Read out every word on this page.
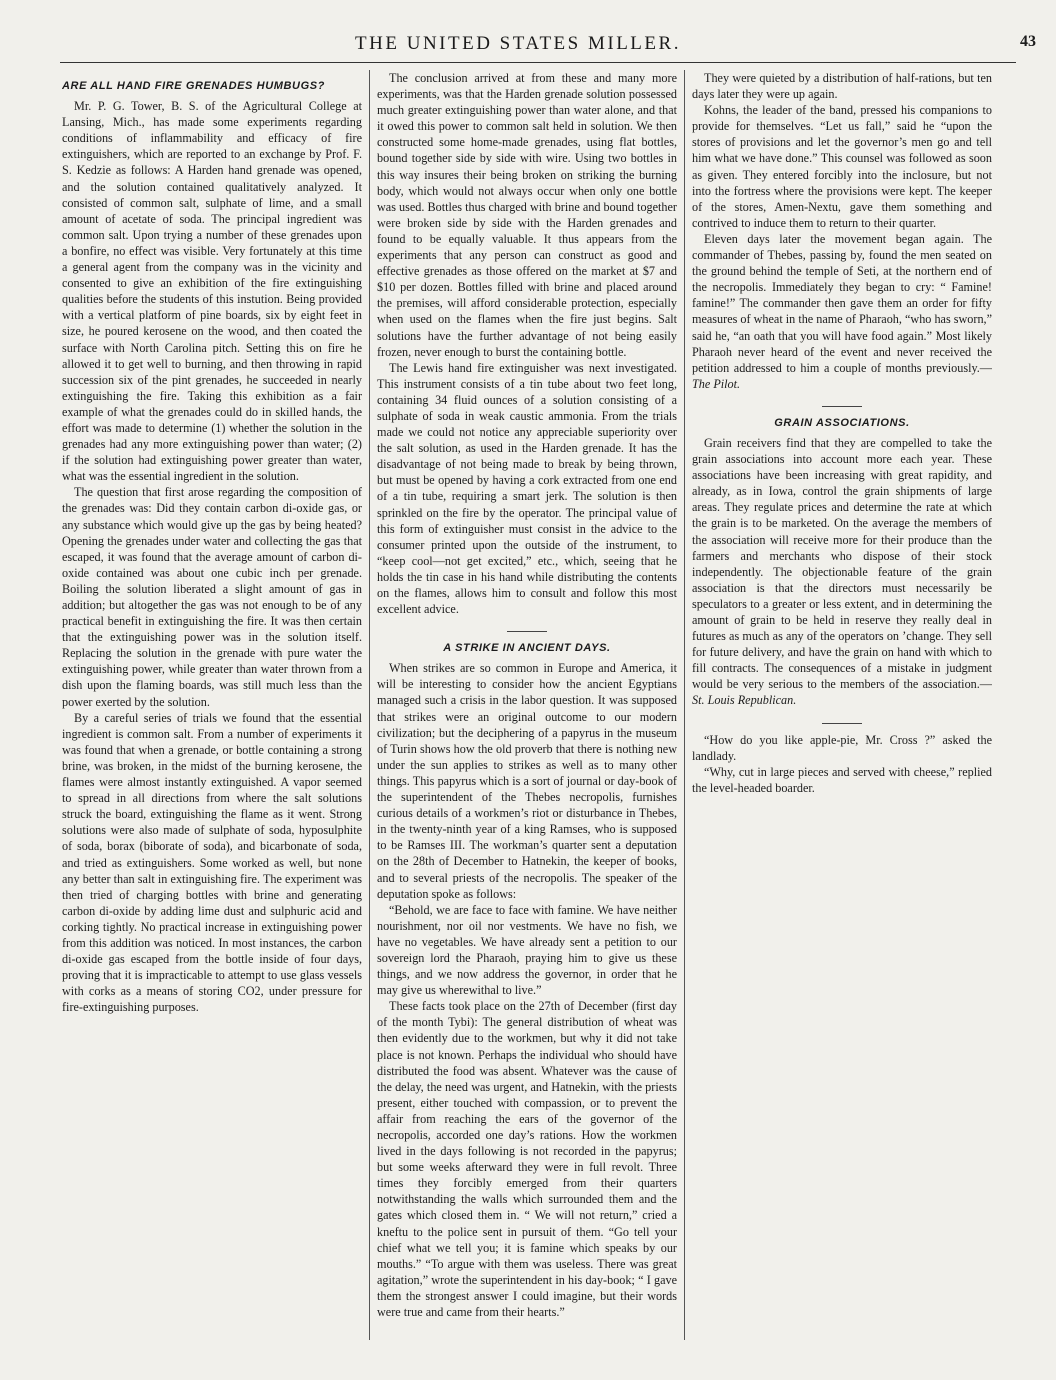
THE UNITED STATES MILLER.	43
ARE ALL HAND FIRE GRENADES HUMBUGS?

Mr. P. G. Tower, B. S. of the Agricultural College at Lansing, Mich., has made some experiments regarding conditions of inflammability and efficacy of fire extinguishers, which are reported to an exchange by Prof. F. S. Kedzie as follows: A Harden hand grenade was opened, and the solution contained qualitatively analyzed. It consisted of common salt, sulphate of lime, and a small amount of acetate of soda. The principal ingredient was common salt. Upon trying a number of these grenades upon a bonfire, no effect was visible. Very fortunately at this time a general agent from the company was in the vicinity and consented to give an exhibition of the fire extinguishing qualities before the students of this instution. Being provided with a vertical platform of pine boards, six by eight feet in size, he poured kerosene on the wood, and then coated the surface with North Carolina pitch. Setting this on fire he allowed it to get well to burning, and then throwing in rapid succession six of the pint grenades, he succeeded in nearly extinguishing the fire. Taking this exhibition as a fair example of what the grenades could do in skilled hands, the effort was made to determine (1) whether the solution in the grenades had any more extinguishing power than water; (2) if the solution had extinguishing power greater than water, what was the essential ingredient in the solution.

The question that first arose regarding the composition of the grenades was: Did they contain carbon di-oxide gas, or any substance which would give up the gas by being heated? Opening the grenades under water and collecting the gas that escaped, it was found that the average amount of carbon di-oxide contained was about one cubic inch per grenade. Boiling the solution liberated a slight amount of gas in addition; but altogether the gas was not enough to be of any practical benefit in extinguishing the fire. It was then certain that the extinguishing power was in the solution itself. Replacing the solution in the grenade with pure water the extinguishing power, while greater than water thrown from a dish upon the flaming boards, was still much less than the power exerted by the solution.

By a careful series of trials we found that the essential ingredient is common salt. From a number of experiments it was found that when a grenade, or bottle containing a strong brine, was broken, in the midst of the burning kerosene, the flames were almost instantly extinguished. A vapor seemed to spread in all directions from where the salt solutions struck the board, extinguishing the flame as it went. Strong solutions were also made of sulphate of soda, hyposulphite of soda, borax (biborate of soda), and bicarbonate of soda, and tried as extinguishers. Some worked as well, but none any better than salt in extinguishing fire. The experiment was then tried of charging bottles with brine and generating carbon di-oxide by adding lime dust and sulphuric acid and corking tightly. No practical increase in extinguishing power from this addition was noticed. In most instances, the carbon di-oxide gas escaped from the bottle inside of four days, proving that it is impracticable to attempt to use glass vessels with corks as a means of storing CO2, under pressure for fire-extinguishing purposes.

The conclusion arrived at from these and many more experiments, was that the Harden grenade solution possessed much greater extinguishing power than water alone, and that it owed this power to common salt held in solution. We then constructed some home-made grenades, using flat bottles, bound together side by side with wire. Using two bottles in this way insures their being broken on striking the burning body, which would not always occur when only one bottle was used. Bottles thus charged with brine and bound together were broken side by side with the Harden grenades and found to be equally valuable. It thus appears from the experiments that any person can construct as good and effective grenades as those offered on the market at $7 and $10 per dozen. Bottles filled with brine and placed around the premises, will afford considerable protection, especially when used on the flames when the fire just begins. Salt solutions have the further advantage of not being easily frozen, never enough to burst the containing bottle.

The Lewis hand fire extinguisher was next investigated. This instrument consists of a tin tube about two feet long, containing 34 fluid ounces of a solution consisting of a sulphate of soda in weak caustic ammonia. From the trials made we could not notice any appreciable superiority over the salt solution, as used in the Harden grenade. It has the disadvantage of not being made to break by being thrown, but must be opened by having a cork extracted from one end of a tin tube, requiring a smart jerk. The solution is then sprinkled on the fire by the operator. The principal value of this form of extinguisher must consist in the advice to the consumer printed upon the outside of the instrument, to “keep cool—not get excited,” etc., which, seeing that he holds the tin case in his hand while distributing the contents on the flames, allows him to consult and follow this most excellent advice.

A STRIKE IN ANCIENT DAYS.

When strikes are so common in Europe and America, it will be interesting to consider how the ancient Egyptians managed such a crisis in the labor question. It was supposed that strikes were an original outcome to our modern civilization; but the deciphering of a papyrus in the museum of Turin shows how the old proverb that there is nothing new under the sun applies to strikes as well as to many other things. This papyrus which is a sort of journal or day-book of the superintendent of the Thebes necropolis, furnishes curious details of a workmen’s riot or disturbance in Thebes, in the twenty-ninth year of a king Ramses, who is supposed to be Ramses III. The workman’s quarter sent a deputation on the 28th of December to Hatnekin, the keeper of books, and to several priests of the necropolis. The speaker of the deputation spoke as follows:

“Behold, we are face to face with famine. We have neither nourishment, nor oil nor vestments. We have no fish, we have no vegetables. We have already sent a petition to our sovereign lord the Pharaoh, praying him to give us these things, and we now address the governor, in order that he may give us wherewithal to live.”

These facts took place on the 27th of December (first day of the month Tybi): The general distribution of wheat was then evidently due to the workmen, but why it did not take place is not known. Perhaps the individual who should have distributed the food was absent. Whatever was the cause of the delay, the need was urgent, and Hatnekin, with the priests present, either touched with compassion, or to prevent the affair from reaching the ears of the governor of the necropolis, accorded one day’s rations. How the workmen lived in the days following is not recorded in the papyrus; but some weeks afterward they were in full revolt. Three times they forcibly emerged from their quarters notwithstanding the walls which surrounded them and the gates which closed them in. “ We will not return,” cried a kneftu to the police sent in pursuit of them. “Go tell your chief what we tell you; it is famine which speaks by our mouths.” “To argue with them was useless. There was great agitation,” wrote the superintendent in his day-book; “ I gave them the strongest answer I could imagine, but their words were true and came from their hearts.”

They were quieted by a distribution of half-rations, but ten days later they were up again.

Kohns, the leader of the band, pressed his companions to provide for themselves. “Let us fall,” said he “upon the stores of provisions and let the governor’s men go and tell him what we have done.” This counsel was followed as soon as given. They entered forcibly into the inclosure, but not into the fortress where the provisions were kept. The keeper of the stores, Amen-Nextu, gave them something and contrived to induce them to return to their quarter.

Eleven days later the movement began again. The commander of Thebes, passing by, found the men seated on the ground behind the temple of Seti, at the northern end of the necropolis. Immediately they began to cry: “ Famine! famine!” The commander then gave them an order for fifty measures of wheat in the name of Pharaoh, “who has sworn,” said he, “an oath that you will have food again.” Most likely Pharaoh never heard of the event and never received the petition addressed to him a couple of months previously.—The Pilot.

GRAIN ASSOCIATIONS.

Grain receivers find that they are compelled to take the grain associations into account more each year. These associations have been increasing with great rapidity, and already, as in Iowa, control the grain shipments of large areas. They regulate prices and determine the rate at which the grain is to be marketed. On the average the members of the association will receive more for their produce than the farmers and merchants who dispose of their stock independently. The objectionable feature of the grain association is that the directors must necessarily be speculators to a greater or less extent, and in determining the amount of grain to be held in reserve they really deal in futures as much as any of the operators on ’change. They sell for future delivery, and have the grain on hand with which to fill contracts. The consequences of a mistake in judgment would be very serious to the members of the association.—St. Louis Republican.

“How do you like apple-pie, Mr. Cross ?” asked the landlady.

“Why, cut in large pieces and served with cheese,” replied the level-headed boarder.
